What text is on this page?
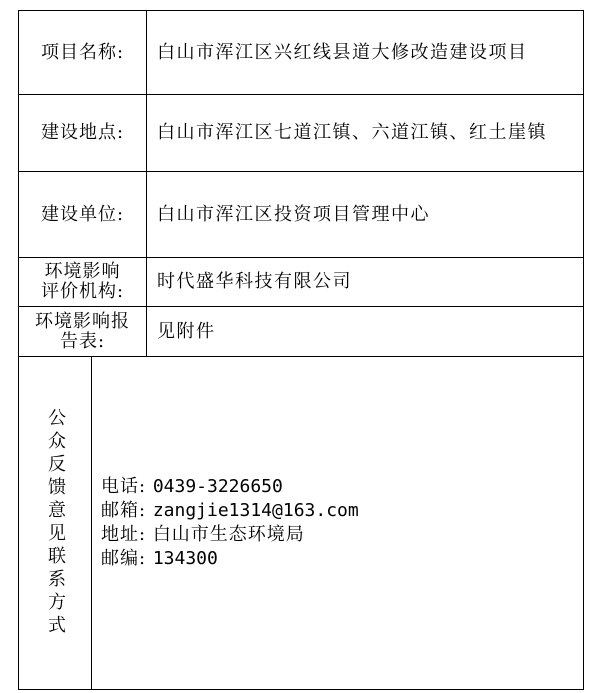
项目名称:	白山市浑江区兴红线县道大修改造建设项目
建设地点:	白山市浑江区七道江镇、六道江镇、红土崖镇
建设单位:	白山市浑江区投资项目管理中心
环境影响
评价机构:	时代盛华科技有限公司
环境影响报
告表:	见附件
公众反馈意见联系方式 电话: 0439-3226650
邮箱: zangjie1314@163.com
地址: 白山市生态环境局
邮编: 134300
